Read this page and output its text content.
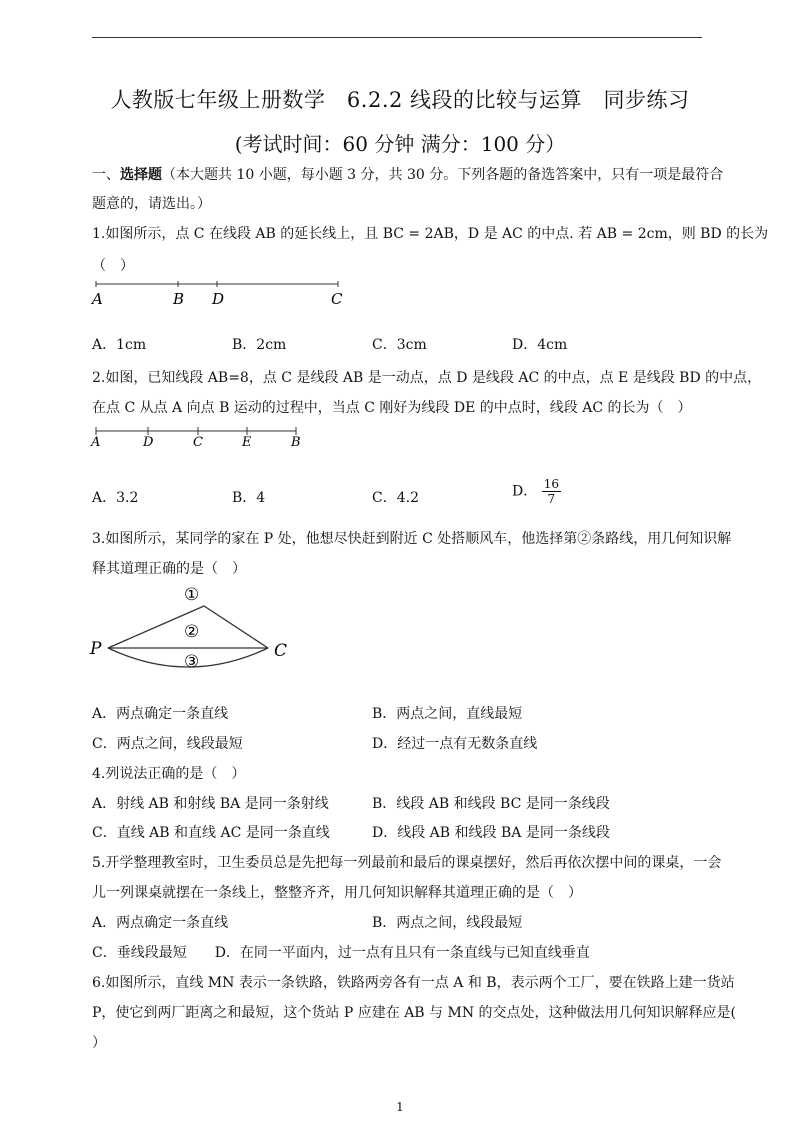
人教版七年级上册数学　6.2.2 线段的比较与运算　同步练习
(考试时间：60 分钟 满分：100 分）
一、选择题（本大题共 10 小题，每小题 3 分，共 30 分。下列各题的备选答案中，只有一项是最符合
题意的，请选出。）
1.如图所示，点 C 在线段 AB 的延长线上，且 BC = 2AB，D 是 AC 的中点. 若 AB = 2cm，则 BD 的长为
（　）
A	B D	C
A．1cm	B．2cm	C．3cm	D．4cm
2.如图，已知线段 AB=8，点 C 是线段 AB 是一动点，点 D 是线段 AC 的中点，点 E 是线段 BD 的中点，
在点 C 从点 A 向点 B 运动的过程中，当点 C 刚好为线段 DE 的中点时，线段 AC 的长为（　）
A	D	C	E	B
A．3.2	B．4	C．4.2	D． $\frac{16}{7}$
3.如图所示，某同学的家在 P 处，他想尽快赶到附近 C 处搭顺风车，他选择第②条路线，用几何知识解
释其道理正确的是（　）
①
②
③
P	C
A．两点确定一条直线	B．两点之间，直线最短
C．两点之间，线段最短	D．经过一点有无数条直线
4.列说法正确的是（　）
A．射线 AB 和射线 BA 是同一条射线	B．线段 AB 和线段 BC 是同一条线段
C．直线 AB 和直线 AC 是同一条直线	D．线段 AB 和线段 BA 是同一条线段
5.开学整理教室时，卫生委员总是先把每一列最前和最后的课桌摆好，然后再依次摆中间的课桌，一会
儿一列课桌就摆在一条线上，整整齐齐，用几何知识解释其道理正确的是（　）
A．两点确定一条直线	B．两点之间，线段最短
C．垂线段最短　　D．在同一平面内，过一点有且只有一条直线与已知直线垂直
6.如图所示，直线 MN 表示一条铁路，铁路两旁各有一点 A 和 B，表示两个工厂，要在铁路上建一货站
P，使它到两厂距离之和最短，这个货站 P 应建在 AB 与 MN 的交点处，这种做法用几何知识解释应是(
）
1
